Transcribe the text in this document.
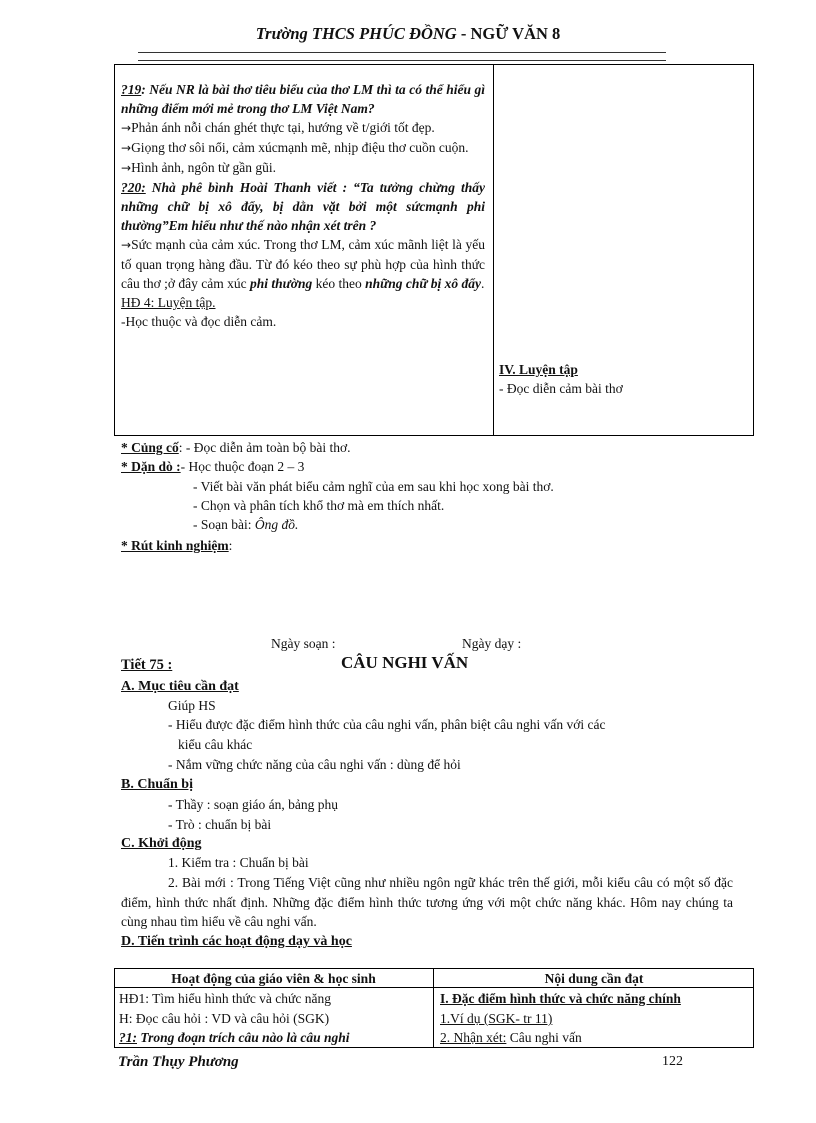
Trường THCS PHÚC ĐỒNG - NGỮ VĂN 8

?19: Nếu NR là bài thơ tiêu biểu của thơ LM thì ta có thể hiểu gì những điểm mới mẻ trong thơ LM Việt Nam?

→Phản ánh nỗi chán ghét thực tại, hướng về t/giới tốt đẹp.

→Giọng thơ sôi nổi, cảm xúcmạnh mẽ, nhịp điệu thơ cuồn cuộn.

→Hình ảnh, ngôn từ gần gũi.

?20: Nhà phê bình Hoài Thanh viết : “Ta tưởng chừng thấy những chữ bị xô đẩy, bị dằn vặt bởi một sứcmạnh phi thường”Em hiểu như thế nào nhận xét trên ?

→Sức mạnh của cảm xúc. Trong thơ LM, cảm xúc mãnh liệt là yếu tố quan trọng hàng đầu. Từ đó kéo theo sự phù hợp của hình thức câu thơ ;ở đây cảm xúc phi thường kéo theo những chữ bị xô đẩy.

HĐ 4: Luyện tập.

-Học thuộc và đọc diễn cảm.

IV. Luyện tập
- Đọc diễn cảm bài thơ
* Củng cố: - Đọc diễn ảm toàn bộ bài thơ.
* Dặn dò :- Học thuộc đoạn 2 – 3
- Viết bài văn phát biểu cảm nghĩ của em sau khi học xong bài thơ.
- Chọn và phân tích khổ thơ mà em thích nhất.
- Soạn bài: Ông đồ.
* Rút kinh nghiệm:
Ngày soạn :	Ngày dạy :
Tiết 75 :	CÂU NGHI VẤN
A. Mục tiêu cần đạt
Giúp HS
- Hiểu được đặc điểm hình thức của câu nghi vấn, phân biệt câu nghi vấn với các
kiểu câu khác
- Nắm vững chức năng của câu nghi vấn : dùng để hỏi
B. Chuẩn bị
- Thầy : soạn giáo án, bảng phụ
- Trò : chuẩn bị bài
C. Khởi động
1. Kiểm tra : Chuẩn bị bài
2. Bài mới : Trong Tiếng Việt cũng như nhiều ngôn ngữ khác trên thế giới, mỗi kiểu câu có một số đặc điểm, hình thức nhất định. Những đặc điểm hình thức tương ứng với một chức năng khác. Hôm nay chúng ta cùng nhau tìm hiểu về câu nghi vấn.
D. Tiến trình các hoạt động dạy và học
Hoạt động của giáo viên & học sinh	Nội dung cần đạt
HĐ1: Tìm hiểu hình thức và chức năng	I. Đặc điểm hình thức và chức năng chính
H: Đọc câu hỏi : VD và câu hỏi (SGK)	1.Ví dụ (SGK- tr 11)
?1: Trong đoạn trích câu nào là câu nghi	2. Nhận xét: Câu nghi vấn
Trần Thụy Phương	122
